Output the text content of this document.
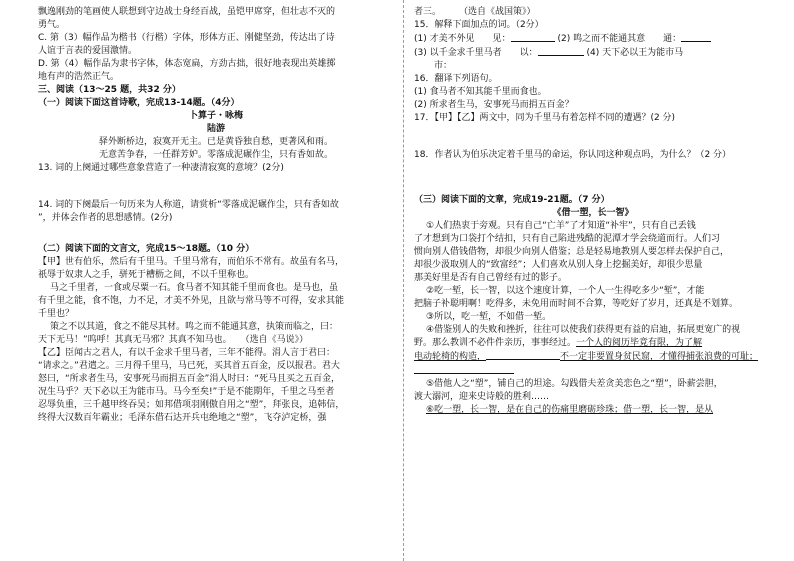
飘逸刚劲的笔画使人联想到守边战士身经百战，虽铠甲席穿，但壮志不灭的
勇气。
C. 第（3）幅作品为楷书（行楷）字体，形体方正、刚健坚劲，传达出了诗
人谊于言表的爱国激情。
D. 第（4）幅作品为隶书字体，体态宽扁，方劲古拙，很好地表现出英雄掷
地有声的浩然正气。
三、阅读（13～25 题，共32 分）
（一）阅读下面这首诗歌，完成13-14题。（4分）
卜算子・咏梅
陆游
驿外断桥边，寂寞开无主。已是黄昏独自愁，更著风和雨。
无意苦争春，一任群芳妒。零落成泥碾作尘，只有香如故。
13. 词的上阕通过哪些意象营造了一种凄清寂寞的意境？(2分)
14. 词的下阕最后一句历来为人称道，请赏析“零落成泥碾作尘，只有香如故
”，并体会作者的思想感情。(2分)
（二）阅读下面的文言文，完成15～18题。（10 分）
【甲】世有伯乐，然后有千里马。千里马常有，而伯乐不常有。故虽有名马，
祇辱于奴隶人之手，骈死于槽枥之间，不以千里称也。
马之千里者，一食或尽粟一石。食马者不知其能千里而食也。是马也，虽
有千里之能，食不饱，力不足，才美不外见，且欲与常马等不可得，安求其能
千里也？
策之不以其道，食之不能尽其材。鸣之而不能通其意，执策而临之，曰：
天下无马！”呜呼！其真无马邪？其真不知马也。　　（选自《马说》）
【乙】臣闻古之君人，有以千金求千里马者，三年不能得。涓人言于君曰：
“请求之。”君遣之。三月得千里马，马已死，买其首五百金，反以报君。君大
怒曰，“所求者生马，安事死马而捐五百金”涓人时曰：“死马且买之五百金，
况生马乎？天下必以王为能市马。马今至矣!”于是不能期年，千里之马至者
忍辱负重，三千越甲终吞吴；如邦借项羽刚傲自用之“塑”，拜张良，追韩信，
终得大汉数百年霸业；毛泽东借石达开兵屯绝地之“塑”，飞夺泸定桥，强
者三。　　　（选自《战国策》）
15．解释下面加点的词。（2分）
(1) 才美不外见　　见：	(2) 鸣之而不能通其意　　通：
(3) 以千金求千里马者　　以：	(4) 天下必以王为能市马
市：
16．翻译下列语句。
(1) 食马者不知其能千里而食也。
(2) 所求者生马，安事死马而捐五百金？
17．【甲】【乙】两文中，同为千里马有着怎样不同的遭遇？(2 分)
18．作者认为伯乐决定着千里马的命运，你认同这种观点吗，为什么？（2 分）
（三）阅读下面的文章，完成19-21题。（7 分）
《借一塑，长一智》
①人们热衷于旁观。只有自己“亡羊”了才知道“补牢”，只有自己丢钱
了才想到为口袋打个结扣，只有自己陷进残酷的泥潭才学会绕道而行。人们习
惯向别人借钱借物，却很少向别人借鉴；总是轻易地教别人要怎样去保护自己，
却很少汲取别人的“致富经”；人们喜欢从别人身上挖掘美好，却很少思量
那美好里是否有自己曾经有过的影子。
②吃一堑，长一智，以这个速度计算，一个人一生得吃多少“堑”，才能
把脑子补聪明啊！吃得多，未免用而时间不合算，等吃好了岁月，还真是不划算。
③所以，吃一堑，不如借一堑。
④借鉴别人的失败和挫折，往往可以使我们获得更有益的启迪，拓展更宽广的视
野。那么教训不必件件亲历，事事经过。一个人的阅历毕竟有限，为了解
电动轮椅的构造，	不一定非要置身贫民窟，才懂得捕张浪费的可耻；
⑤借他人之“塑”，铺自己的坦途。勾践借夫差贪美恋色之“塑”，卧薪尝胆，
渡大溺河，迎来史诗般的胜利……
⑥吃一塑，长一智，是在自己的伤痛里磨砺珍珠；借一塑，长一智，是从
